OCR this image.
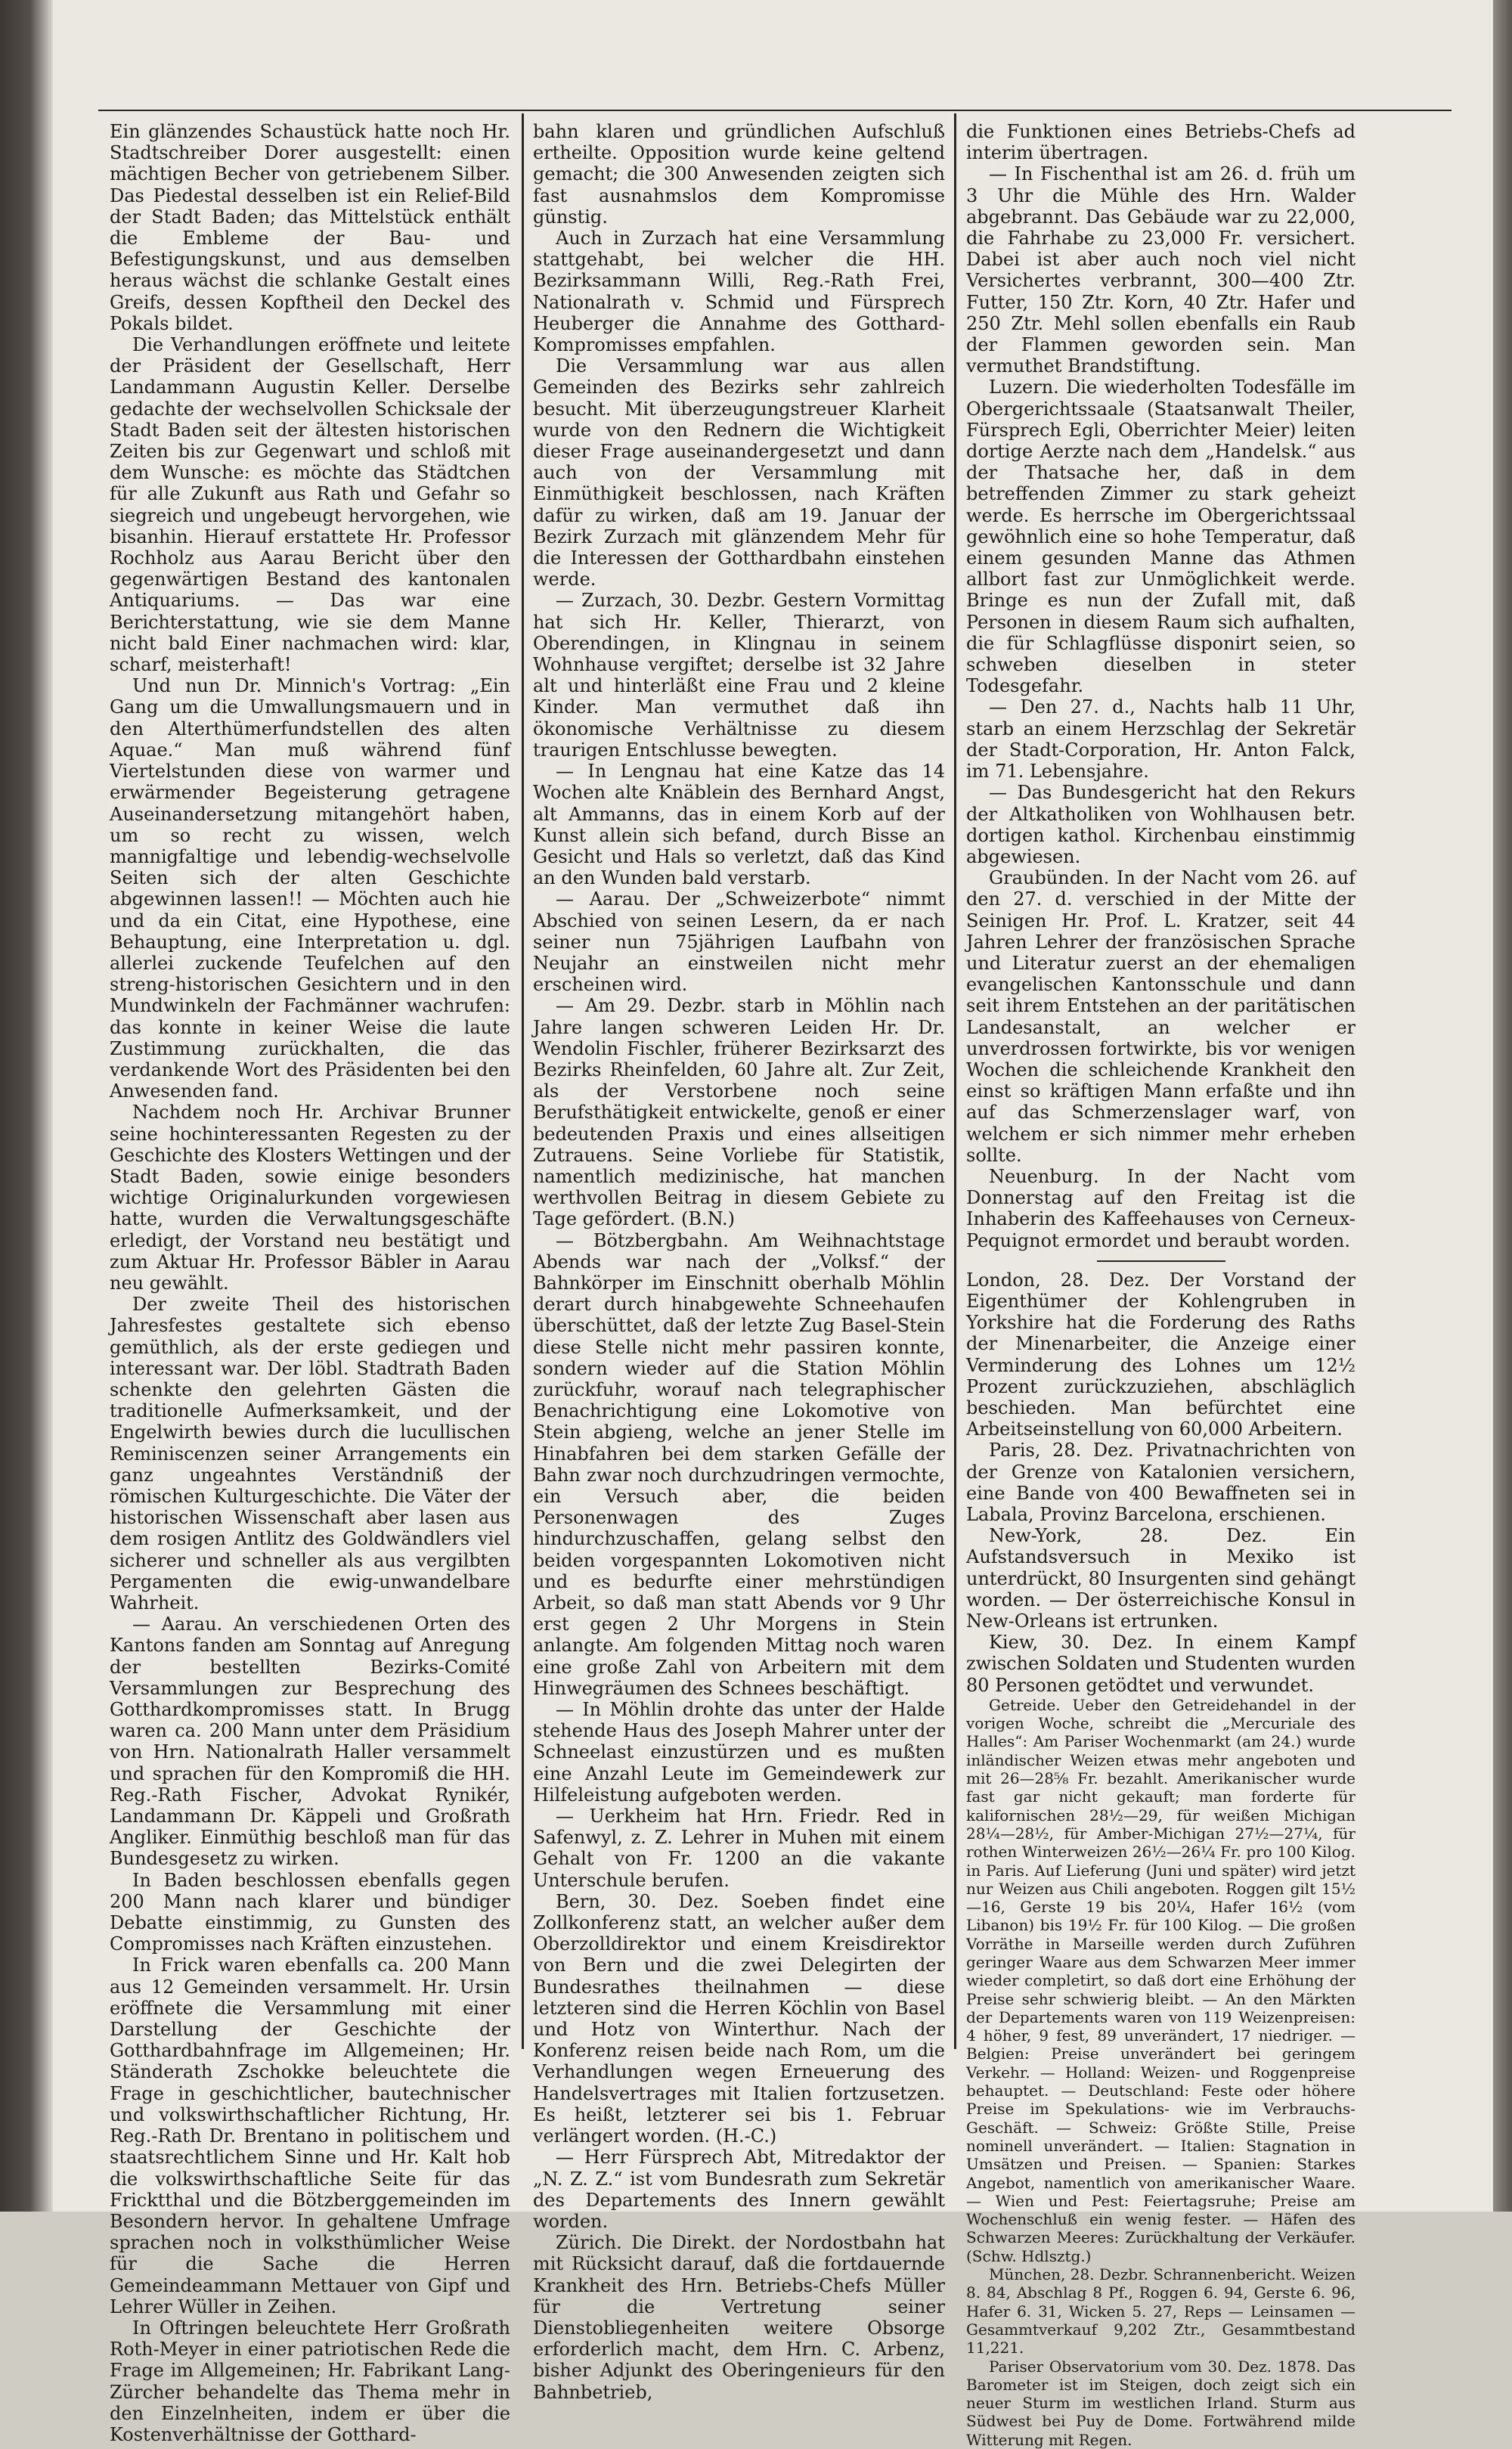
Ein glänzendes Schaustück hatte noch Hr. Stadtschreiber Dorer ausgestellt: einen mächtigen Becher von getriebenem Silber. Das Piedestal desselben ist ein Relief-Bild der Stadt Baden; das Mittelstück enthält die Embleme der Bau- und Befestigungskunst, und aus demselben heraus wächst die schlanke Gestalt eines Greifs, dessen Kopftheil den Deckel des Pokals bildet.

Die Verhandlungen eröffnete und leitete der Präsident der Gesellschaft, Herr Landammann Augustin Keller. Derselbe gedachte der wechselvollen Schicksale der Stadt Baden seit der ältesten historischen Zeiten bis zur Gegenwart und schloß mit dem Wunsche: es möchte das Städtchen für alle Zukunft aus Rath und Gefahr so siegreich und ungebeugt hervorgehen, wie bisanhin. Hierauf erstattete Hr. Professor Rochholz aus Aarau Bericht über den gegenwärtigen Bestand des kantonalen Antiquariums. — Das war eine Berichterstattung, wie sie dem Manne nicht bald Einer nachmachen wird: klar, scharf, meisterhaft!

Und nun Dr. Minnich's Vortrag: „Ein Gang um die Umwallungsmauern und in den Alterthümerfundstellen des alten Aquae.“ Man muß während fünf Viertelstunden diese von warmer und erwärmender Begeisterung getragene Auseinandersetzung mitangehört haben, um so recht zu wissen, welch mannigfaltige und lebendig-wechselvolle Seiten sich der alten Geschichte abgewinnen lassen!! — Möchten auch hie und da ein Citat, eine Hypothese, eine Behauptung, eine Interpretation u. dgl. allerlei zuckende Teufelchen auf den streng-historischen Gesichtern und in den Mundwinkeln der Fachmänner wachrufen: das konnte in keiner Weise die laute Zustimmung zurückhalten, die das verdankende Wort des Präsidenten bei den Anwesenden fand.

Nachdem noch Hr. Archivar Brunner seine hochinteressanten Regesten zu der Geschichte des Klosters Wettingen und der Stadt Baden, sowie einige besonders wichtige Originalurkunden vorgewiesen hatte, wurden die Verwaltungsgeschäfte erledigt, der Vorstand neu bestätigt und zum Aktuar Hr. Professor Bäbler in Aarau neu gewählt.

Der zweite Theil des historischen Jahresfestes gestaltete sich ebenso gemüthlich, als der erste gediegen und interessant war. Der löbl. Stadtrath Baden schenkte den gelehrten Gästen die traditionelle Aufmerksamkeit, und der Engelwirth bewies durch die lucullischen Reminiscenzen seiner Arrangements ein ganz ungeahntes Verständniß der römischen Kulturgeschichte. Die Väter der historischen Wissenschaft aber lasen aus dem rosigen Antlitz des Goldwändlers viel sicherer und schneller als aus vergilbten Pergamenten die ewig-unwandelbare Wahrheit.

— Aarau. An verschiedenen Orten des Kantons fanden am Sonntag auf Anregung der bestellten Bezirks-Comité Versammlungen zur Besprechung des Gotthardkompromisses statt. In Brugg waren ca. 200 Mann unter dem Präsidium von Hrn. Nationalrath Haller versammelt und sprachen für den Kompromiß die HH. Reg.-Rath Fischer, Advokat Rynikér, Landammann Dr. Käppeli und Großrath Angliker. Einmüthig beschloß man für das Bundesgesetz zu wirken.

In Baden beschlossen ebenfalls gegen 200 Mann nach klarer und bündiger Debatte einstimmig, zu Gunsten des Compromisses nach Kräften einzustehen.

In Frick waren ebenfalls ca. 200 Mann aus 12 Gemeinden versammelt. Hr. Ursin eröffnete die Versammlung mit einer Darstellung der Geschichte der Gotthardbahnfrage im Allgemeinen; Hr. Ständerath Zschokke beleuchtete die Frage in geschichtlicher, bautechnischer und volkswirthschaftlicher Richtung, Hr. Reg.-Rath Dr. Brentano in politischem und staatsrechtlichem Sinne und Hr. Kalt hob die volkswirthschaftliche Seite für das Fricktthal und die Bötzberggemeinden im Besondern hervor. In gehaltene Umfrage sprachen noch in volksthümlicher Weise für die Sache die Herren Gemeindeammann Mettauer von Gipf und Lehrer Wüller in Zeihen.

In Oftringen beleuchtete Herr Großrath Roth-Meyer in einer patriotischen Rede die Frage im Allgemeinen; Hr. Fabrikant Lang-Zürcher behandelte das Thema mehr in den Einzelnheiten, indem er über die Kostenverhältnisse der Gotthard-

bahn klaren und gründlichen Aufschluß ertheilte. Opposition wurde keine geltend gemacht; die 300 Anwesenden zeigten sich fast ausnahmslos dem Kompromisse günstig.

Auch in Zurzach hat eine Versammlung stattgehabt, bei welcher die HH. Bezirksammann Willi, Reg.-Rath Frei, Nationalrath v. Schmid und Fürsprech Heuberger die Annahme des Gotthard-Kompromisses empfahlen.

Die Versammlung war aus allen Gemeinden des Bezirks sehr zahlreich besucht. Mit überzeugungstreuer Klarheit wurde von den Rednern die Wichtigkeit dieser Frage auseinandergesetzt und dann auch von der Versammlung mit Einmüthigkeit beschlossen, nach Kräften dafür zu wirken, daß am 19. Januar der Bezirk Zurzach mit glänzendem Mehr für die Interessen der Gotthardbahn einstehen werde.

— Zurzach, 30. Dezbr. Gestern Vormittag hat sich Hr. Keller, Thierarzt, von Oberendingen, in Klingnau in seinem Wohnhause vergiftet; derselbe ist 32 Jahre alt und hinterläßt eine Frau und 2 kleine Kinder. Man vermuthet daß ihn ökonomische Verhältnisse zu diesem traurigen Entschlusse bewegten.

— In Lengnau hat eine Katze das 14 Wochen alte Knäblein des Bernhard Angst, alt Ammanns, das in einem Korb auf der Kunst allein sich befand, durch Bisse an Gesicht und Hals so verletzt, daß das Kind an den Wunden bald verstarb.

— Aarau. Der „Schweizerbote“ nimmt Abschied von seinen Lesern, da er nach seiner nun 75jährigen Laufbahn von Neujahr an einstweilen nicht mehr erscheinen wird.

— Am 29. Dezbr. starb in Möhlin nach Jahre langen schweren Leiden Hr. Dr. Wendolin Fischler, früherer Bezirksarzt des Bezirks Rheinfelden, 60 Jahre alt. Zur Zeit, als der Verstorbene noch seine Berufsthätigkeit entwickelte, genoß er einer bedeutenden Praxis und eines allseitigen Zutrauens. Seine Vorliebe für Statistik, namentlich medizinische, hat manchen werthvollen Beitrag in diesem Gebiete zu Tage gefördert. (B.N.)

— Bötzbergbahn. Am Weihnachtstage Abends war nach der „Volksf.“ der Bahnkörper im Einschnitt oberhalb Möhlin derart durch hinabgewehte Schneehaufen überschüttet, daß der letzte Zug Basel-Stein diese Stelle nicht mehr passiren konnte, sondern wieder auf die Station Möhlin zurückfuhr, worauf nach telegraphischer Benachrichtigung eine Lokomotive von Stein abgieng, welche an jener Stelle im Hinabfahren bei dem starken Gefälle der Bahn zwar noch durchzudringen vermochte, ein Versuch aber, die beiden Personenwagen des Zuges hindurchzuschaffen, gelang selbst den beiden vorgespannten Lokomotiven nicht und es bedurfte einer mehrstündigen Arbeit, so daß man statt Abends vor 9 Uhr erst gegen 2 Uhr Morgens in Stein anlangte. Am folgenden Mittag noch waren eine große Zahl von Arbeitern mit dem Hinwegräumen des Schnees beschäftigt.

— In Möhlin drohte das unter der Halde stehende Haus des Joseph Mahrer unter der Schneelast einzustürzen und es mußten eine Anzahl Leute im Gemeindewerk zur Hilfeleistung aufgeboten werden.

— Uerkheim hat Hrn. Friedr. Red in Safenwyl, z. Z. Lehrer in Muhen mit einem Gehalt von Fr. 1200 an die vakante Unterschule berufen.

Bern, 30. Dez. Soeben findet eine Zollkonferenz statt, an welcher außer dem Oberzolldirektor und einem Kreisdirektor von Bern und die zwei Delegirten der Bundesrathes theilnahmen — diese letzteren sind die Herren Köchlin von Basel und Hotz von Winterthur. Nach der Konferenz reisen beide nach Rom, um die Verhandlungen wegen Erneuerung des Handelsvertrages mit Italien fortzusetzen. Es heißt, letzterer sei bis 1. Februar verlängert worden. (H.-C.)

— Herr Fürsprech Abt, Mitredaktor der „N. Z. Z.“ ist vom Bundesrath zum Sekretär des Departements des Innern gewählt worden.

Zürich. Die Direkt. der Nordostbahn hat mit Rücksicht darauf, daß die fortdauernde Krankheit des Hrn. Betriebs-Chefs Müller für die Vertretung seiner Dienstobliegenheiten weitere Obsorge erforderlich macht, dem Hrn. C. Arbenz, bisher Adjunkt des Oberingenieurs für den Bahnbetrieb,

die Funktionen eines Betriebs-Chefs ad interim übertragen.

— In Fischenthal ist am 26. d. früh um 3 Uhr die Mühle des Hrn. Walder abgebrannt. Das Gebäude war zu 22,000, die Fahrhabe zu 23,000 Fr. versichert. Dabei ist aber auch noch viel nicht Versichertes verbrannt, 300—400 Ztr. Futter, 150 Ztr. Korn, 40 Ztr. Hafer und 250 Ztr. Mehl sollen ebenfalls ein Raub der Flammen geworden sein. Man vermuthet Brandstiftung.

Luzern. Die wiederholten Todesfälle im Obergerichtssaale (Staatsanwalt Theiler, Fürsprech Egli, Oberrichter Meier) leiten dortige Aerzte nach dem „Handelsk.“ aus der Thatsache her, daß in dem betreffenden Zimmer zu stark geheizt werde. Es herrsche im Obergerichtssaal gewöhnlich eine so hohe Temperatur, daß einem gesunden Manne das Athmen allbort fast zur Unmöglichkeit werde. Bringe es nun der Zufall mit, daß Personen in diesem Raum sich aufhalten, die für Schlagflüsse disponirt seien, so schweben dieselben in steter Todesgefahr.

— Den 27. d., Nachts halb 11 Uhr, starb an einem Herzschlag der Sekretär der Stadt-Corporation, Hr. Anton Falck, im 71. Lebensjahre.

— Das Bundesgericht hat den Rekurs der Altkatholiken von Wohlhausen betr. dortigen kathol. Kirchenbau einstimmig abgewiesen.

Graubünden. In der Nacht vom 26. auf den 27. d. verschied in der Mitte der Seinigen Hr. Prof. L. Kratzer, seit 44 Jahren Lehrer der französischen Sprache und Literatur zuerst an der ehemaligen evangelischen Kantonsschule und dann seit ihrem Entstehen an der paritätischen Landesanstalt, an welcher er unverdrossen fortwirkte, bis vor wenigen Wochen die schleichende Krankheit den einst so kräftigen Mann erfaßte und ihn auf das Schmerzenslager warf, von welchem er sich nimmer mehr erheben sollte.

Neuenburg. In der Nacht vom Donnerstag auf den Freitag ist die Inhaberin des Kaffeehauses von Cerneux-Pequignot ermordet und beraubt worden.

London, 28. Dez. Der Vorstand der Eigenthümer der Kohlengruben in Yorkshire hat die Forderung des Raths der Minenarbeiter, die Anzeige einer Verminderung des Lohnes um 12½ Prozent zurückzuziehen, abschläglich beschieden. Man befürchtet eine Arbeitseinstellung von 60,000 Arbeitern.

Paris, 28. Dez. Privatnachrichten von der Grenze von Katalonien versichern, eine Bande von 400 Bewaffneten sei in Labala, Provinz Barcelona, erschienen.

New-York, 28. Dez. Ein Aufstandsversuch in Mexiko ist unterdrückt, 80 Insurgenten sind gehängt worden. — Der österreichische Konsul in New-Orleans ist ertrunken.

Kiew, 30. Dez. In einem Kampf zwischen Soldaten und Studenten wurden 80 Personen getödtet und verwundet.

Getreide. Ueber den Getreidehandel in der vorigen Woche, schreibt die „Mercuriale des Halles“: Am Pariser Wochenmarkt (am 24.) wurde inländischer Weizen etwas mehr angeboten und mit 26—28⅝ Fr. bezahlt. Amerikanischer wurde fast gar nicht gekauft; man forderte für kalifornischen 28½—29, für weißen Michigan 28¼—28½, für Amber-Michigan 27½—27¼, für rothen Winterweizen 26½—26¼ Fr. pro 100 Kilog. in Paris. Auf Lieferung (Juni und später) wird jetzt nur Weizen aus Chili angeboten. Roggen gilt 15½—16, Gerste 19 bis 20¼, Hafer 16½ (vom Libanon) bis 19½ Fr. für 100 Kilog. — Die großen Vorräthe in Marseille werden durch Zuführen geringer Waare aus dem Schwarzen Meer immer wieder completirt, so daß dort eine Erhöhung der Preise sehr schwierig bleibt. — An den Märkten der Departements waren von 119 Weizenpreisen: 4 höher, 9 fest, 89 unverändert, 17 niedriger. — Belgien: Preise unverändert bei geringem Verkehr. — Holland: Weizen- und Roggenpreise behauptet. — Deutschland: Feste oder höhere Preise im Spekulations- wie im Verbrauchs-Geschäft. — Schweiz: Größte Stille, Preise nominell unverändert. — Italien: Stagnation in Umsätzen und Preisen. — Spanien: Starkes Angebot, namentlich von amerikanischer Waare. — Wien und Pest: Feiertagsruhe; Preise am Wochenschluß ein wenig fester. — Häfen des Schwarzen Meeres: Zurückhaltung der Verkäufer. (Schw. Hdlsztg.)

München, 28. Dezbr. Schrannenbericht. Weizen 8. 84, Abschlag 8 Pf., Roggen 6. 94, Gerste 6. 96, Hafer 6. 31, Wicken 5. 27, Reps — Leinsamen — Gesammtverkauf 9,202 Ztr., Gesammtbestand 11,221.

Pariser Observatorium vom 30. Dez. 1878. Das Barometer ist im Steigen, doch zeigt sich ein neuer Sturm im westlichen Irland. Sturm aus Südwest bei Puy de Dome. Fortwährend milde Witterung mit Regen.
